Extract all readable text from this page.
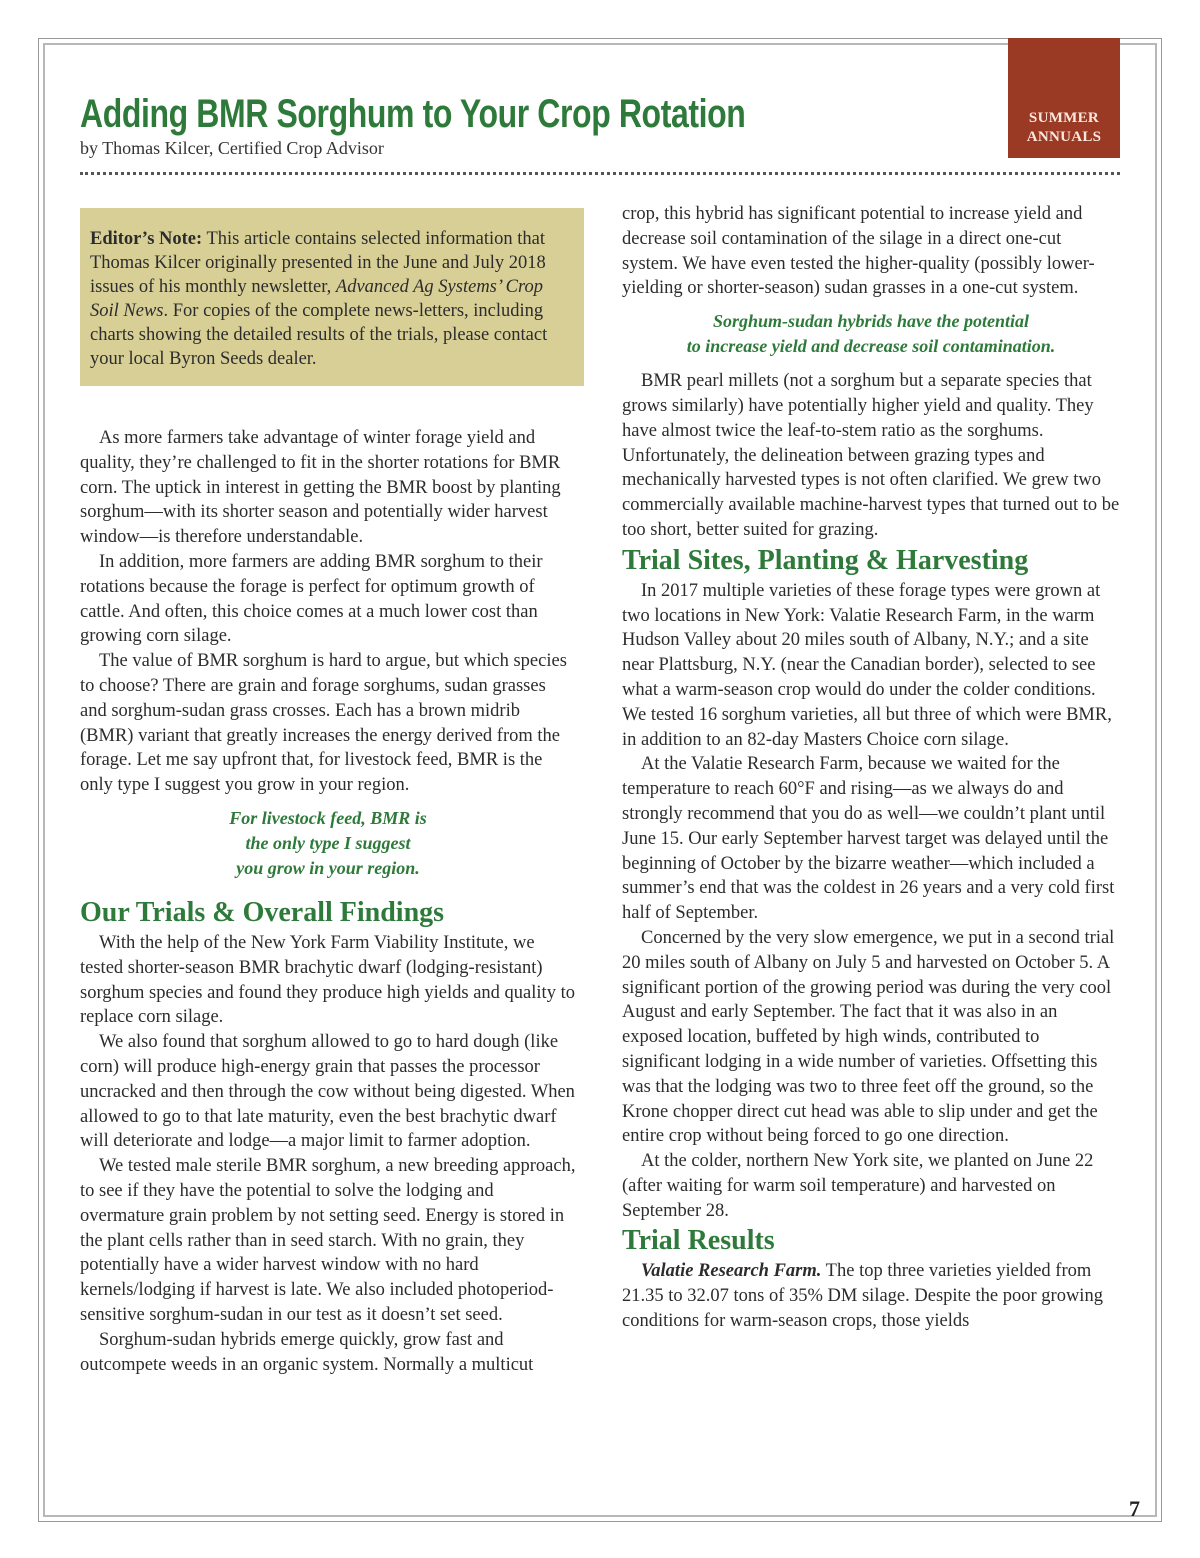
SUMMER
ANNUALS
Adding BMR Sorghum to Your Crop Rotation
by Thomas Kilcer, Certified Crop Advisor
Editor’s Note: This article contains selected information that Thomas Kilcer originally presented in the June and July 2018 issues of his monthly newsletter, Advanced Ag Systems’ Crop Soil News. For copies of the complete news-letters, including charts showing the detailed results of the trials, please contact your local Byron Seeds dealer.

As more farmers take advantage of winter forage yield and quality, they’re challenged to fit in the shorter rotations for BMR corn. The uptick in interest in getting the BMR boost by planting sorghum—with its shorter season and potentially wider harvest window—is therefore understandable.

In addition, more farmers are adding BMR sorghum to their rotations because the forage is perfect for optimum growth of cattle. And often, this choice comes at a much lower cost than growing corn silage.

The value of BMR sorghum is hard to argue, but which species to choose? There are grain and forage sorghums, sudan grasses and sorghum-sudan grass crosses. Each has a brown midrib (BMR) variant that greatly increases the energy derived from the forage. Let me say upfront that, for livestock feed, BMR is the only type I suggest you grow in your region.

For livestock feed, BMR is
the only type I suggest
you grow in your region.
Our Trials & Overall Findings

With the help of the New York Farm Viability Institute, we tested shorter-season BMR brachytic dwarf (lodging-resistant) sorghum species and found they produce high yields and quality to replace corn silage.

We also found that sorghum allowed to go to hard dough (like corn) will produce high-energy grain that passes the processor uncracked and then through the cow without being digested. When allowed to go to that late maturity, even the best brachytic dwarf will deteriorate and lodge—a major limit to farmer adoption.

We tested male sterile BMR sorghum, a new breeding approach, to see if they have the potential to solve the lodging and overmature grain problem by not setting seed. Energy is stored in the plant cells rather than in seed starch. With no grain, they potentially have a wider harvest window with no hard kernels/lodging if harvest is late. We also included photoperiod-sensitive sorghum-sudan in our test as it doesn’t set seed.

Sorghum-sudan hybrids emerge quickly, grow fast and outcompete weeds in an organic system. Normally a multicut

crop, this hybrid has significant potential to increase yield and decrease soil contamination of the silage in a direct one-cut system. We have even tested the higher-quality (possibly lower-yielding or shorter-season) sudan grasses in a one-cut system.

Sorghum-sudan hybrids have the potential
to increase yield and decrease soil contamination.

BMR pearl millets (not a sorghum but a separate species that grows similarly) have potentially higher yield and quality. They have almost twice the leaf-to-stem ratio as the sorghums. Unfortunately, the delineation between grazing types and mechanically harvested types is not often clarified. We grew two commercially available machine-harvest types that turned out to be too short, better suited for grazing.

Trial Sites, Planting & Harvesting

In 2017 multiple varieties of these forage types were grown at two locations in New York: Valatie Research Farm, in the warm Hudson Valley about 20 miles south of Albany, N.Y.; and a site near Plattsburg, N.Y. (near the Canadian border), selected to see what a warm-season crop would do under the colder conditions. We tested 16 sorghum varieties, all but three of which were BMR, in addition to an 82-day Masters Choice corn silage.

At the Valatie Research Farm, because we waited for the temperature to reach 60°F and rising—as we always do and strongly recommend that you do as well—we couldn’t plant until June 15. Our early September harvest target was delayed until the beginning of October by the bizarre weather—which included a summer’s end that was the coldest in 26 years and a very cold first half of September.

Concerned by the very slow emergence, we put in a second trial 20 miles south of Albany on July 5 and harvested on October 5. A significant portion of the growing period was during the very cool August and early September. The fact that it was also in an exposed location, buffeted by high winds, contributed to significant lodging in a wide number of varieties. Offsetting this was that the lodging was two to three feet off the ground, so the Krone chopper direct cut head was able to slip under and get the entire crop without being forced to go one direction.

At the colder, northern New York site, we planted on June 22 (after waiting for warm soil temperature) and harvested on September 28.

Trial Results

Valatie Research Farm. The top three varieties yielded from 21.35 to 32.07 tons of 35% DM silage. Despite the poor growing conditions for warm-season crops, those yields

7
